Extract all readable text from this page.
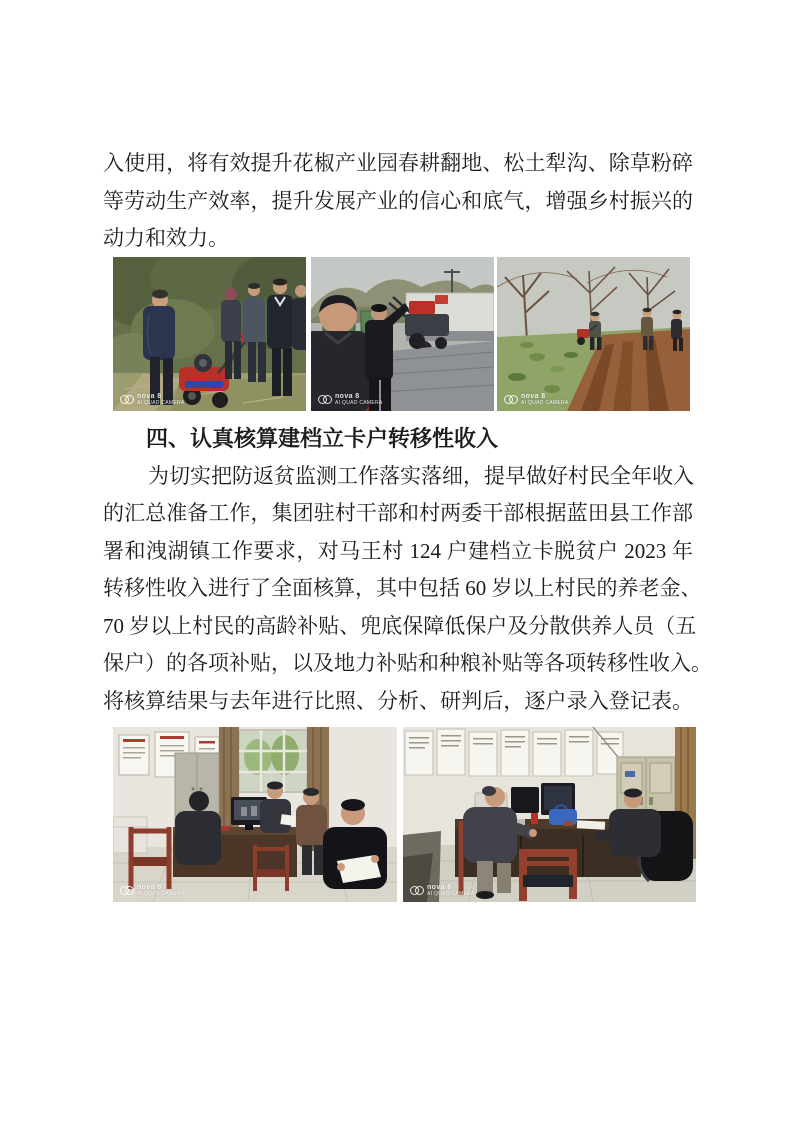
入使用，将有效提升花椒产业园春耕翻地、松土犁沟、除草粉碎
等劳动生产效率，提升发展产业的信心和底气，增强乡村振兴的
动力和效力。
nova 8
AI QUAD CAMERA
nova 8
AI QUAD CAMERA
nova 8
AI QUAD CAMERA
四、认真核算建档立卡户转移性收入
为切实把防返贫监测工作落实落细，提早做好村民全年收入
的汇总准备工作，集团驻村干部和村两委干部根据蓝田县工作部
署和洩湖镇工作要求，对马王村 124 户建档立卡脱贫户 2023 年
转移性收入进行了全面核算，其中包括 60 岁以上村民的养老金、
70 岁以上村民的高龄补贴、兜底保障低保户及分散供养人员（五
保户）的各项补贴，以及地力补贴和种粮补贴等各项转移性收入。
将核算结果与去年进行比照、分析、研判后，逐户录入登记表。
nova 8
AI QUAD CAMERA
nova 8
AI QUAD CAMERA
